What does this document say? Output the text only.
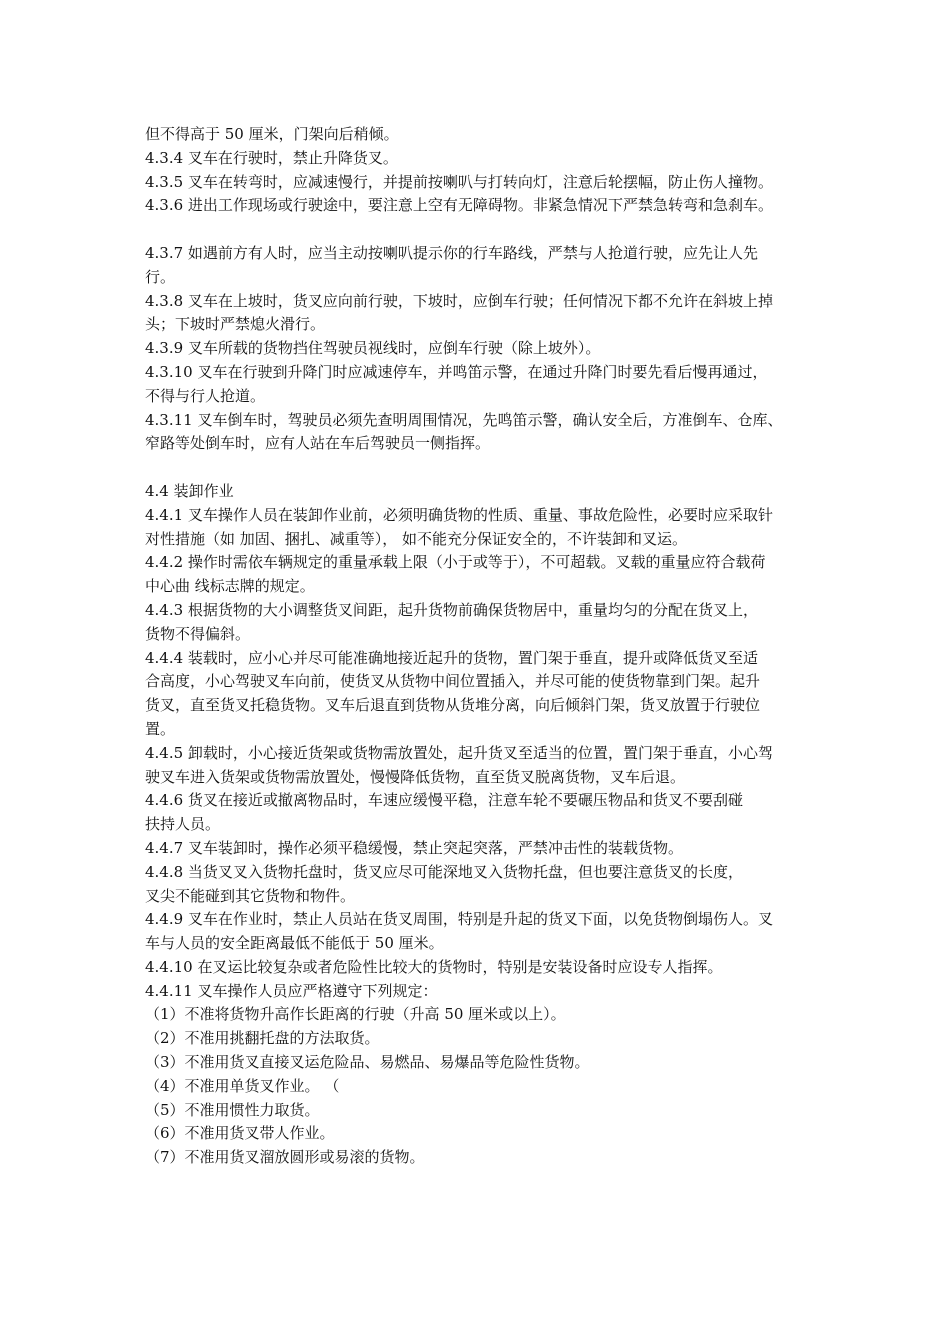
但不得高于 50 厘米，门架向后稍倾。
4.3.4 叉车在行驶时，禁止升降货叉。
4.3.5 叉车在转弯时，应减速慢行，并提前按喇叭与打转向灯，注意后轮摆幅，防止伤人撞物。
4.3.6 进出工作现场或行驶途中，要注意上空有无障碍物。非紧急情况下严禁急转弯和急刹车。
4.3.7 如遇前方有人时，应当主动按喇叭提示你的行车路线，严禁与人抢道行驶，应先让人先
行。
4.3.8 叉车在上坡时，货叉应向前行驶，下坡时，应倒车行驶；任何情况下都不允许在斜坡上掉
头；下坡时严禁熄火滑行。
4.3.9 叉车所载的货物挡住驾驶员视线时，应倒车行驶（除上坡外）。
4.3.10 叉车在行驶到升降门时应减速停车，并鸣笛示警，在通过升降门时要先看后慢再通过，
不得与行人抢道。
4.3.11 叉车倒车时，驾驶员必须先查明周围情况，先鸣笛示警，确认安全后，方准倒车、仓库、
窄路等处倒车时，应有人站在车后驾驶员一侧指挥。
4.4 装卸作业
4.4.1 叉车操作人员在装卸作业前，必须明确货物的性质、重量、事故危险性，必要时应采取针
对性措施（如 加固、捆扎、减重等）， 如不能充分保证安全的，不许装卸和叉运。
4.4.2 操作时需依车辆规定的重量承载上限（小于或等于），不可超载。叉载的重量应符合载荷
中心曲 线标志牌的规定。
4.4.3 根据货物的大小调整货叉间距，起升货物前确保货物居中，重量均匀的分配在货叉上，
货物不得偏斜。
4.4.4 装载时，应小心并尽可能准确地接近起升的货物，置门架于垂直，提升或降低货叉至适
合高度，小心驾驶叉车向前，使货叉从货物中间位置插入，并尽可能的使货物靠到门架。起升
货叉，直至货叉托稳货物。叉车后退直到货物从货堆分离，向后倾斜门架，货叉放置于行驶位
置。
4.4.5 卸载时，小心接近货架或货物需放置处，起升货叉至适当的位置，置门架于垂直，小心驾
驶叉车进入货架或货物需放置处，慢慢降低货物，直至货叉脱离货物，叉车后退。
4.4.6 货叉在接近或撤离物品时，车速应缓慢平稳，注意车轮不要碾压物品和货叉不要刮碰
扶持人员。
4.4.7 叉车装卸时，操作必须平稳缓慢，禁止突起突落，严禁冲击性的装载货物。
4.4.8 当货叉叉入货物托盘时，货叉应尽可能深地叉入货物托盘，但也要注意货叉的长度，
叉尖不能碰到其它货物和物件。
4.4.9 叉车在作业时，禁止人员站在货叉周围，特别是升起的货叉下面，以免货物倒塌伤人。叉
车与人员的安全距离最低不能低于 50 厘米。
4.4.10 在叉运比较复杂或者危险性比较大的货物时，特别是安装设备时应设专人指挥。
4.4.11 叉车操作人员应严格遵守下列规定：
（1）不准将货物升高作长距离的行驶（升高 50 厘米或以上）。
（2）不准用挑翻托盘的方法取货。
（3）不准用货叉直接叉运危险品、易燃品、易爆品等危险性货物。
（4）不准用单货叉作业。 （
（5）不准用惯性力取货。
（6）不准用货叉带人作业。
（7）不准用货叉溜放圆形或易滚的货物。
